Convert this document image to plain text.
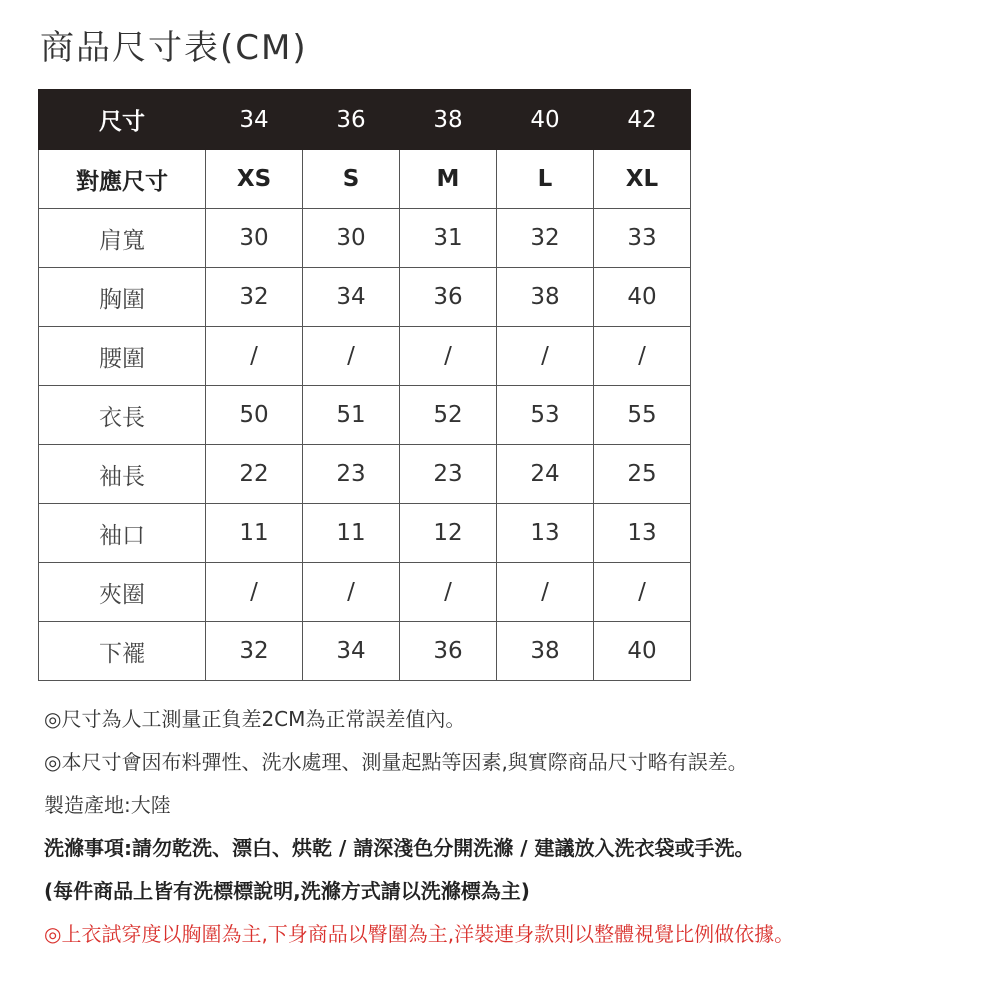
商品尺寸表(CM)
尺寸	34	36	38	40	42
對應尺寸	XS	S	M	L	XL
肩寬	30	30	31	32	33
胸圍	32	34	36	38	40
腰圍	/	/	/	/	/
衣長	50	51	52	53	55
袖長	22	23	23	24	25
袖口	11	11	12	13	13
夾圈	/	/	/	/	/
下襬	32	34	36	38	40
◎尺寸為人工測量正負差2CM為正常誤差值內。
◎本尺寸會因布料彈性、洗水處理、測量起點等因素,與實際商品尺寸略有誤差。
製造產地:大陸
洗滌事項:請勿乾洗、漂白、烘乾 / 請深淺色分開洗滌 / 建議放入洗衣袋或手洗。
(每件商品上皆有洗標標說明,洗滌方式請以洗滌標為主)
◎上衣試穿度以胸圍為主,下身商品以臀圍為主,洋裝連身款則以整體視覺比例做依據。
